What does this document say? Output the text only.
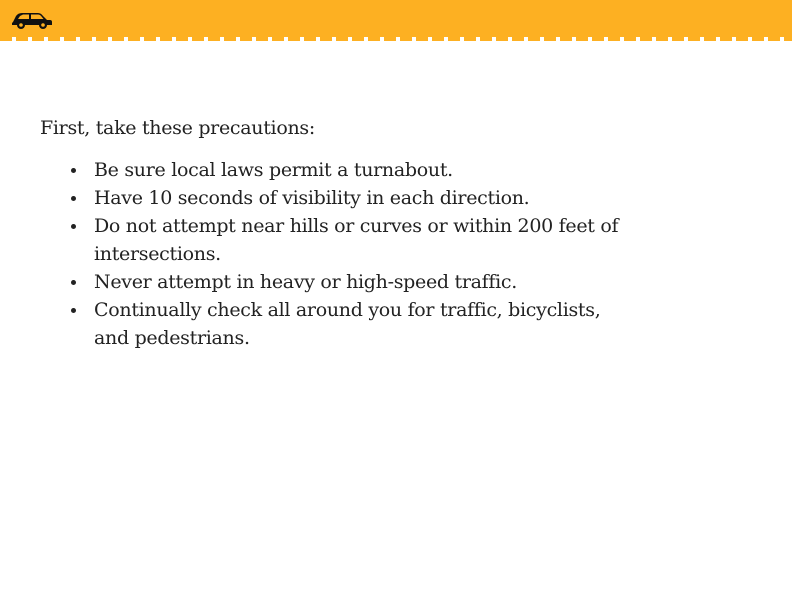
First, take these precautions:

Be sure local laws permit a turnabout.
Have 10 seconds of visibility in each direction.
Do not attempt near hills or curves or within 200 feet of intersections.
Never attempt in heavy or high-speed traffic.
Continually check all around you for traffic, bicyclists, and pedestrians.
